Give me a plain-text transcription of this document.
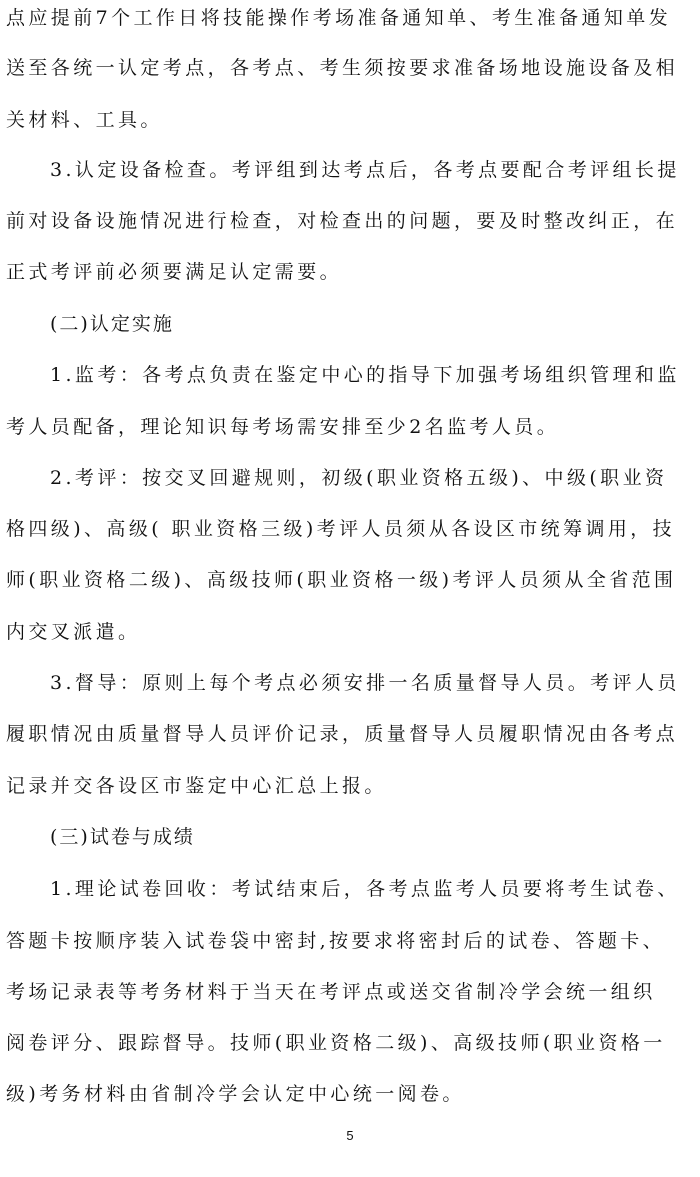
点应提前7个工作日将技能操作考场准备通知单、考生准备通知单发
送至各统一认定考点，各考点、考生须按要求准备场地设施设备及相
关材料、工具。
3.认定设备检查。考评组到达考点后，各考点要配合考评组长提
前对设备设施情况进行检查，对检查出的问题，要及时整改纠正，在
正式考评前必须要满足认定需要。
(二)认定实施
1.监考：各考点负责在鉴定中心的指导下加强考场组织管理和监
考人员配备，理论知识每考场需安排至少2名监考人员。
2.考评：按交叉回避规则，初级(职业资格五级)、中级(职业资
格四级)、高级( 职业资格三级)考评人员须从各设区市统筹调用，技
师(职业资格二级)、高级技师(职业资格一级)考评人员须从全省范围
内交叉派遣。
3.督导：原则上每个考点必须安排一名质量督导人员。考评人员
履职情况由质量督导人员评价记录，质量督导人员履职情况由各考点
记录并交各设区市鉴定中心汇总上报。
(三)试卷与成绩
1.理论试卷回收：考试结束后，各考点监考人员要将考生试卷、
答题卡按顺序装入试卷袋中密封,按要求将密封后的试卷、答题卡、
考场记录表等考务材料于当天在考评点或送交省制冷学会统一组织
阅卷评分、跟踪督导。技师(职业资格二级)、高级技师(职业资格一
级)考务材料由省制冷学会认定中心统一阅卷。
5
